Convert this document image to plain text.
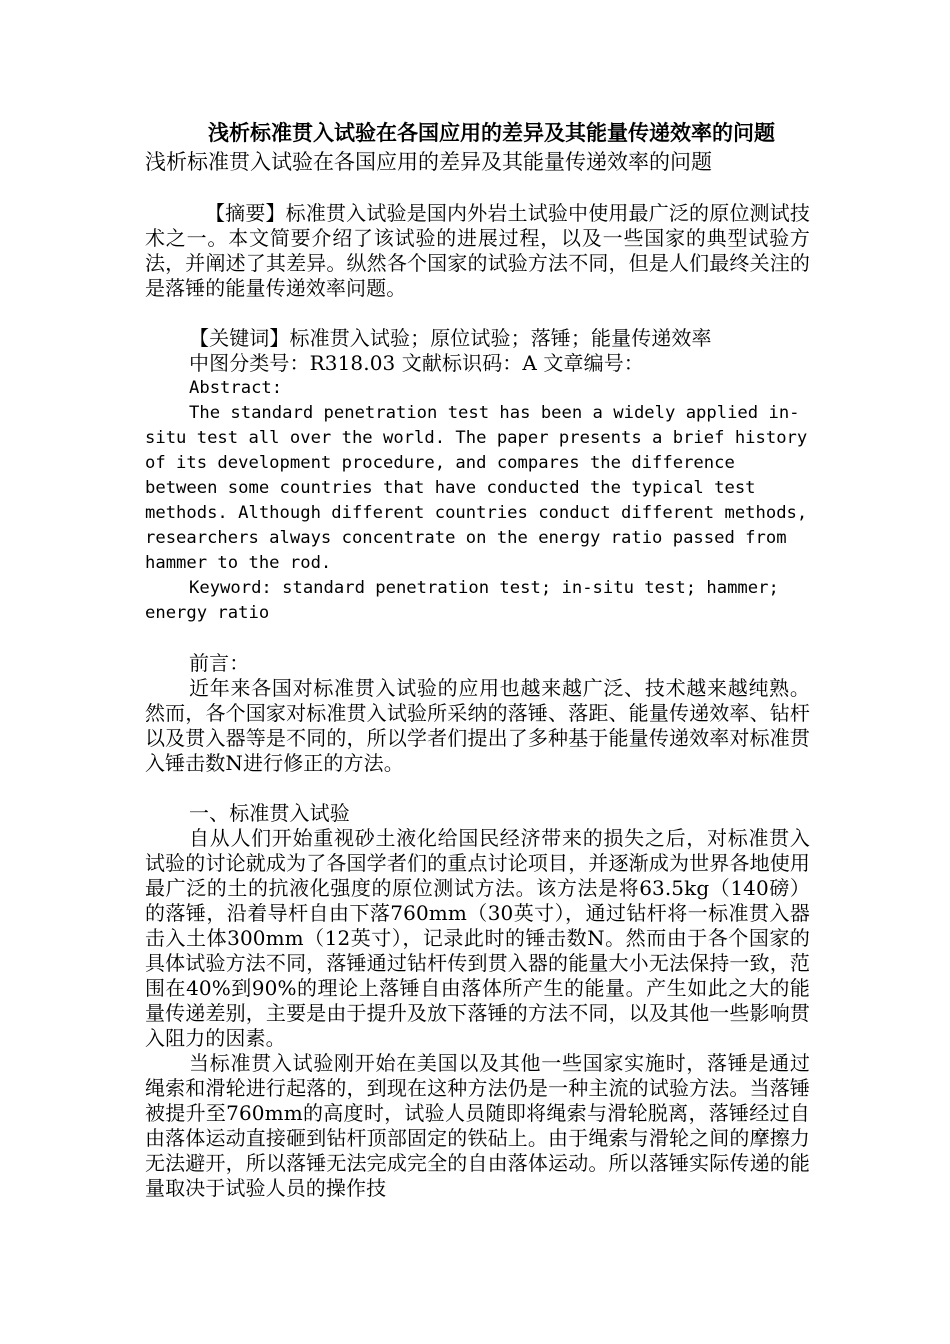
浅析标准贯入试验在各国应用的差异及其能量传递效率的问题
浅析标准贯入试验在各国应用的差异及其能量传递效率的问题

【摘要】标准贯入试验是国内外岩土试验中使用最广泛的原位测试技术之一。本文简要介绍了该试验的进展过程，以及一些国家的典型试验方法，并阐述了其差异。纵然各个国家的试验方法不同，但是人们最终关注的是落锤的能量传递效率问题。

【关键词】标准贯入试验；原位试验；落锤；能量传递效率

中图分类号：R318.03 文献标识码：A 文章编号：

Abstract:

The standard penetration test has been a widely applied in-situ test all over the world. The paper presents a brief history of its development procedure, and compares the difference between some countries that have conducted the typical test methods. Although different countries conduct different methods, researchers always concentrate on the energy ratio passed from hammer to the rod.

Keyword: standard penetration test; in-situ test; hammer; energy ratio

前言：

近年来各国对标准贯入试验的应用也越来越广泛、技术越来越纯熟。然而，各个国家对标准贯入试验所采纳的落锤、落距、能量传递效率、钻杆以及贯入器等是不同的，所以学者们提出了多种基于能量传递效率对标准贯入锤击数N进行修正的方法。

一、标准贯入试验

自从人们开始重视砂土液化给国民经济带来的损失之后，对标准贯入试验的讨论就成为了各国学者们的重点讨论项目，并逐渐成为世界各地使用最广泛的土的抗液化强度的原位测试方法。该方法是将63.5kg（140磅）的落锤，沿着导杆自由下落760mm（30英寸），通过钻杆将一标准贯入器击入土体300mm（12英寸），记录此时的锤击数N。然而由于各个国家的具体试验方法不同，落锤通过钻杆传到贯入器的能量大小无法保持一致，范围在40%到90%的理论上落锤自由落体所产生的能量。产生如此之大的能量传递差别，主要是由于提升及放下落锤的方法不同，以及其他一些影响贯入阻力的因素。

当标准贯入试验刚开始在美国以及其他一些国家实施时，落锤是通过绳索和滑轮进行起落的，到现在这种方法仍是一种主流的试验方法。当落锤被提升至760mm的高度时，试验人员随即将绳索与滑轮脱离，落锤经过自由落体运动直接砸到钻杆顶部固定的铁砧上。由于绳索与滑轮之间的摩擦力无法避开，所以落锤无法完成完全的自由落体运动。所以落锤实际传递的能量取决于试验人员的操作技
